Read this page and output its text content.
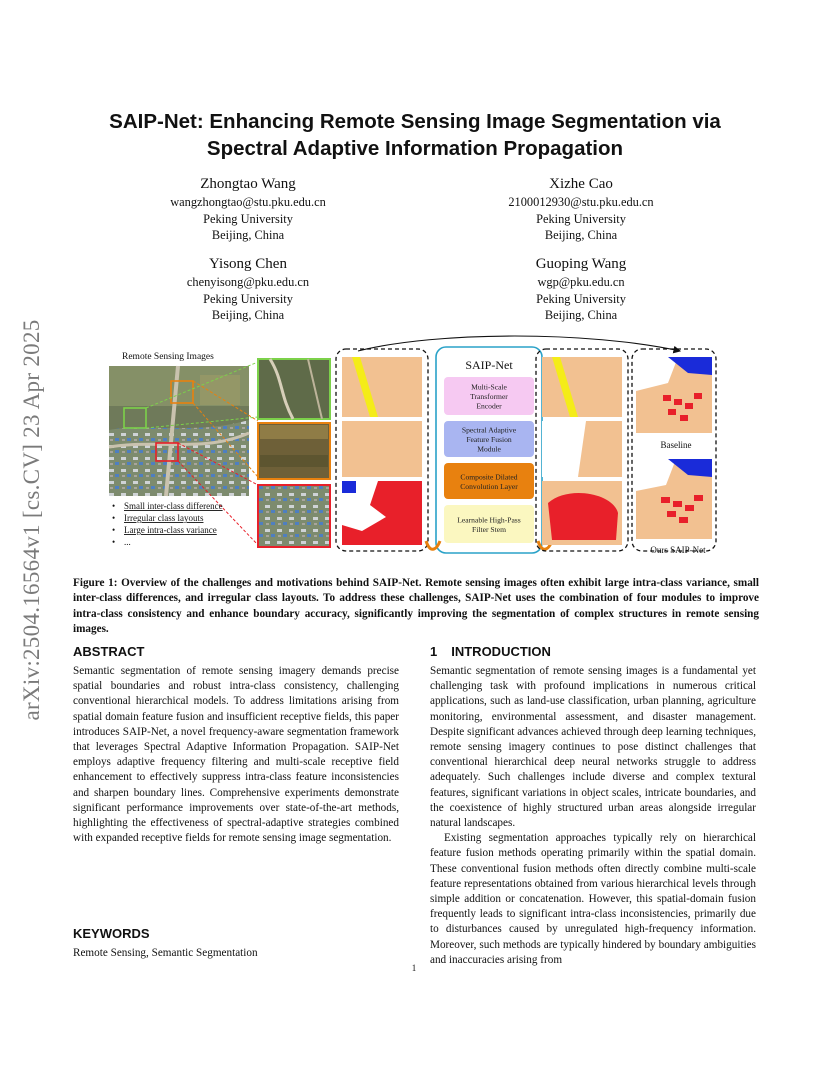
arXiv:2504.16564v1 [cs.CV] 23 Apr 2025
SAIP-Net: Enhancing Remote Sensing Image Segmentation via Spectral Adaptive Information Propagation
Zhongtao Wang
wangzhongtao@stu.pku.edu.cn
Peking University
Beijing, China
Xizhe Cao
2100012930@stu.pku.edu.cn
Peking University
Beijing, China
Yisong Chen
chenyisong@pku.edu.cn
Peking University
Beijing, China
Guoping Wang
wgp@pku.edu.cn
Peking University
Beijing, China
Remote Sensing Images
• Small inter-class difference
• Irregular class layouts
• Large intra-class variance
• ...
SAIP-Net
Multi-Scale
Transformer
Encoder
Spectral Adaptive
Feature Fusion
Module
Composite Dilated
Convolution Layer
Learnable High-Pass
Filter Stem
Baseline
Ours SAIP-Net
Figure 1: Overview of the challenges and motivations behind SAIP-Net. Remote sensing images often exhibit large intra-class variance, small inter-class differences, and irregular class layouts. To address these challenges, SAIP-Net uses the combination of four modules to improve intra-class consistency and enhance boundary accuracy, significantly improving the segmentation of complex structures in remote sensing images.
ABSTRACT

Semantic segmentation of remote sensing imagery demands precise spatial boundaries and robust intra-class consistency, challenging conventional hierarchical models. To address limitations arising from spatial domain feature fusion and insufficient receptive fields, this paper introduces SAIP-Net, a novel frequency-aware segmentation framework that leverages Spectral Adaptive Information Propagation. SAIP-Net employs adaptive frequency filtering and multi-scale receptive field enhancement to effectively suppress intra-class feature inconsistencies and sharpen boundary lines. Comprehensive experiments demonstrate significant performance improvements over state-of-the-art methods, highlighting the effectiveness of spectral-adaptive strategies combined with expanded receptive fields for remote sensing image segmentation.

KEYWORDS
Remote Sensing, Semantic Segmentation
1 INTRODUCTION

Semantic segmentation of remote sensing images is a fundamental yet challenging task with profound implications in numerous critical applications, such as land-use classification, urban planning, agriculture monitoring, environmental assessment, and disaster management. Despite significant advances achieved through deep learning techniques, remote sensing imagery continues to pose distinct challenges that conventional hierarchical deep neural networks struggle to address adequately. Such challenges include diverse and complex textural features, significant variations in object scales, intricate boundaries, and the coexistence of highly structured urban areas alongside irregular natural landscapes.

Existing segmentation approaches typically rely on hierarchical feature fusion methods operating primarily within the spatial domain. These conventional fusion methods often directly combine multi-scale feature representations obtained from various hierarchical levels through simple addition or concatenation. However, this spatial-domain fusion frequently leads to significant intra-class inconsistencies, primarily due to disturbances caused by unregulated high-frequency information. Moreover, such methods are typically hindered by boundary ambiguities and inaccuracies arising from

1
